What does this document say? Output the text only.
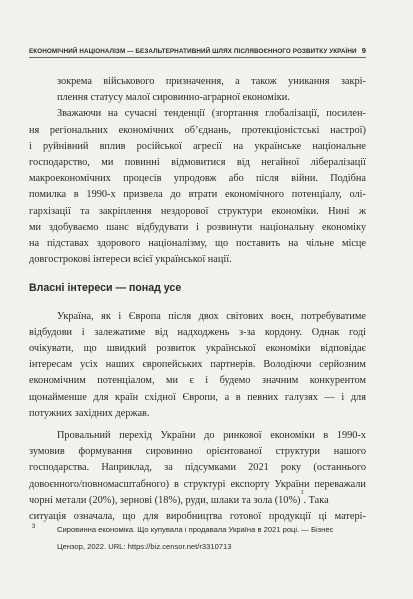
ЕКОНОМІЧНИЙ НАЦІОНАЛІЗМ — БЕЗАЛЬТЕРНАТИВНИЙ ШЛЯХ ПІСЛЯВОЄННОГО РОЗВИТКУ УКРАЇНИ 9
зокрема військового призначення, а також уникання закрі-
плення статусу малої сировинно-аграрної економіки.
Зважаючи на сучасні тенденції (згортання глобалізації, посилен-
ня регіональних економічних об’єднань, протекціоністські настрої)
і руйнівний вплив російської агресії на українське національне
господарство, ми повинні відмовитися від негайної лібералізації
макроекономічних процесів упродовж або після війни. Подібна
помилка в 1990-х призвела до втрати економічного потенціалу, олі-
гархізації та закріплення нездорової структури економіки. Нині ж
ми здобуваємо шанс відбудувати і розвинути національну економіку
на підставах здорового націоналізму, що поставить на чільне місце
довгострокові інтереси всієї української нації.
Власні інтереси — понад усе
Україна, як і Європа після двох світових воєн, потребуватиме
відбудови і залежатиме від надходжень з-за кордону. Однак годі
очікувати, що швидкий розвиток української економіки відповідає
інтересам усіх наших європейських партнерів. Володіючи серйозним
економічним потенціалом, ми є і будемо значним конкурентом
щонайменше для країн східної Європи, а в певних галузях — і для
потужних західних держав.
Провальний перехід України до ринкової економіки в 1990-х
зумовив формування сировинно орієнтованої структури нашого
господарства. Наприклад, за підсумками 2021 року (останнього
довоєнного/повномасштабного) в структурі експорту України переважали
чорні метали (20%), зернові (18%), руди, шлаки та зола (10%)
3
. Така
ситуація означала, що для виробництва готової продукції ці матері-
3	Сировинна економіка. Що купувала і продавала Україна в 2021 році. — Бізнес
Цензор, 2022. URL: https://biz.censor.net/r3310713
